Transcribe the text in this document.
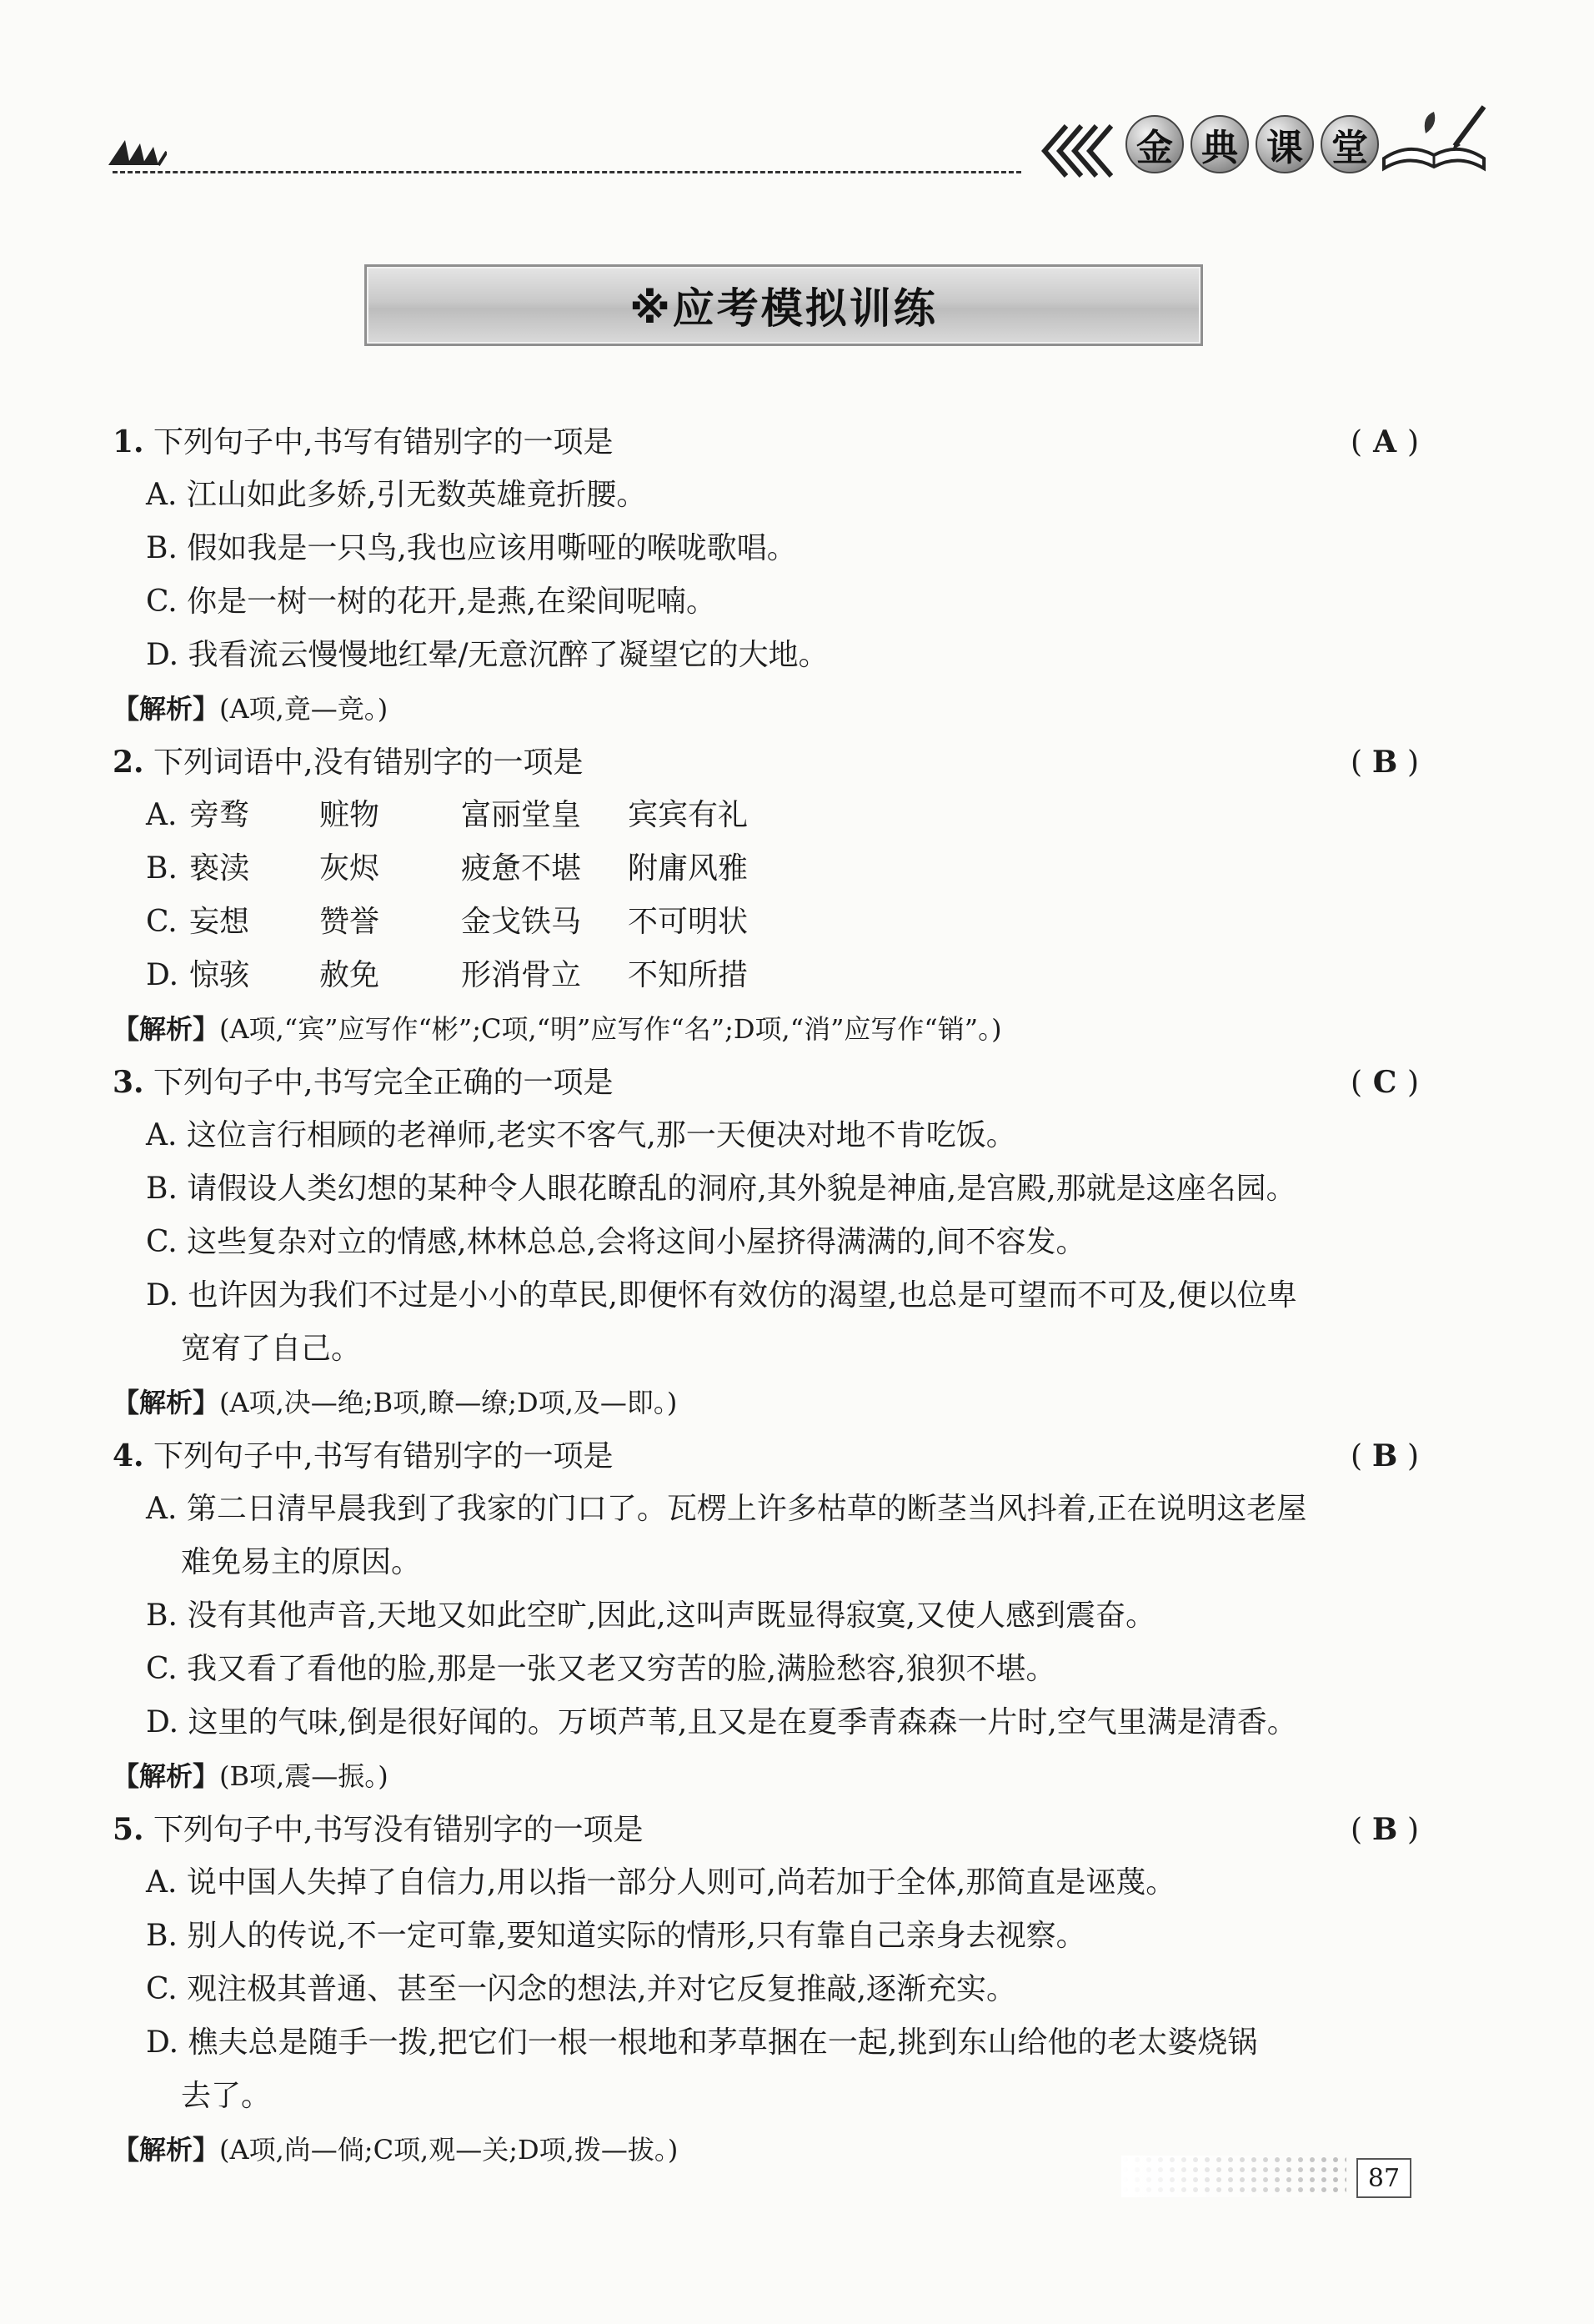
金 典 课 堂
※应考模拟训练
1. 下列句子中,书写有错别字的一项是	( A )
A. 江山如此多娇,引无数英雄竟折腰。
B. 假如我是一只鸟,我也应该用嘶哑的喉咙歌唱。
C. 你是一树一树的花开,是燕,在梁间呢喃。
D. 我看流云慢慢地红晕/无意沉醉了凝望它的大地。
【解析】(A项,竟—竞。)
2. 下列词语中,没有错别字的一项是	( B )
A. 旁骛 赃物	富丽堂皇 宾宾有礼
B. 亵渎 灰烬	疲惫不堪 附庸风雅
C. 妄想 赞誉	金戈铁马 不可明状
D. 惊骇 赦免	形消骨立 不知所措
【解析】(A项,“宾”应写作“彬”;C项,“明”应写作“名”;D项,“消”应写作“销”。)
3. 下列句子中,书写完全正确的一项是	( C )
A. 这位言行相顾的老禅师,老实不客气,那一天便决对地不肯吃饭。
B. 请假设人类幻想的某种令人眼花瞭乱的洞府,其外貌是神庙,是宫殿,那就是这座名园。
C. 这些复杂对立的情感,林林总总,会将这间小屋挤得满满的,间不容发。
D. 也许因为我们不过是小小的草民,即便怀有效仿的渴望,也总是可望而不可及,便以位卑
宽宥了自己。
【解析】(A项,决—绝;B项,瞭—缭;D项,及—即。)
4. 下列句子中,书写有错别字的一项是	( B )
A. 第二日清早晨我到了我家的门口了。瓦楞上许多枯草的断茎当风抖着,正在说明这老屋
难免易主的原因。
B. 没有其他声音,天地又如此空旷,因此,这叫声既显得寂寞,又使人感到震奋。
C. 我又看了看他的脸,那是一张又老又穷苦的脸,满脸愁容,狼狈不堪。
D. 这里的气味,倒是很好闻的。万顷芦苇,且又是在夏季青森森一片时,空气里满是清香。
【解析】(B项,震—振。)
5. 下列句子中,书写没有错别字的一项是	( B )
A. 说中国人失掉了自信力,用以指一部分人则可,尚若加于全体,那简直是诬蔑。
B. 别人的传说,不一定可靠,要知道实际的情形,只有靠自己亲身去视察。
C. 观注极其普通、甚至一闪念的想法,并对它反复推敲,逐渐充实。
D. 樵夫总是随手一拨,把它们一根一根地和茅草捆在一起,挑到东山给他的老太婆烧锅
去了。
【解析】(A项,尚—倘;C项,观—关;D项,拨—拔。)
87
